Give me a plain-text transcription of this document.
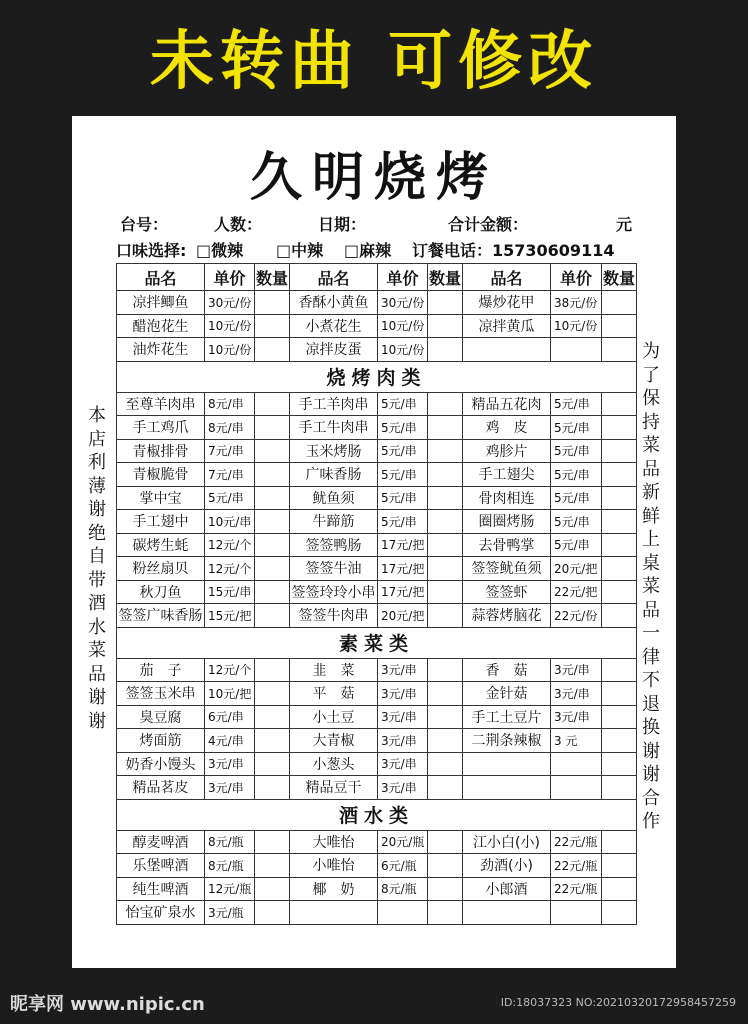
未转曲 可修改
久明烧烤
台号：	人数：	日期：	合计金额：	元
口味选择: □微辣 □中辣 □麻辣 订餐电话：15730609114
本店利薄谢绝自带酒水菜品谢谢
为了保持菜品新鲜上桌菜品一律不退换谢谢合作
品名	单价	数量	品名	单价	数量	品名	单价	数量
凉拌鲫鱼	30元/份		香酥小黄鱼	30元/份		爆炒花甲	38元/份	
醋泡花生	10元/份		小煮花生	10元/份		凉拌黄瓜	10元/份	
油炸花生	10元/份		凉拌皮蛋	10元/份				
烧烤肉类								
至尊羊肉串	8元/串		手工羊肉串	5元/串		精品五花肉	5元/串	
手工鸡爪	8元/串		手工牛肉串	5元/串		鸡　皮	5元/串	
青椒排骨	7元/串		玉米烤肠	5元/串		鸡胗片	5元/串	
青椒脆骨	7元/串		广味香肠	5元/串		手工翅尖	5元/串	
掌中宝	5元/串		鱿鱼须	5元/串		骨肉相连	5元/串	
手工翅中	10元/串		牛蹄筋	5元/串		圈圈烤肠	5元/串	
碳烤生蚝	12元/个		签签鸭肠	17元/把		去骨鸭掌	5元/串	
粉丝扇贝	12元/个		签签牛油	17元/把		签签鱿鱼须	20元/把	
秋刀鱼	15元/串		签签玲玲小串	17元/把		签签虾	22元/把	
签签广味香肠	15元/把		签签牛肉串	20元/把		蒜蓉烤脑花	22元/份	
素菜类								
茄　子	12元/个		韭　菜	3元/串		香　菇	3元/串	
签签玉米串	10元/把		平　菇	3元/串		金针菇	3元/串	
臭豆腐	6元/串		小土豆	3元/串		手工土豆片	3元/串	
烤面筋	4元/串		大青椒	3元/串		二荆条辣椒	3 元	
奶香小馒头	3元/串		小葱头	3元/串				
精品茗皮	3元/串		精品豆干	3元/串				
酒水类								
醇麦啤酒	8元/瓶		大唯怡	20元/瓶		江小白(小)	22元/瓶	
乐堡啤酒	8元/瓶		小唯怡	6元/瓶		劲酒(小)	22元/瓶	
纯生啤酒	12元/瓶		椰　奶	8元/瓶		小郎酒	22元/瓶	
怡宝矿泉水	3元/瓶							
昵享网 www.nipic.cn	ID:18037323 NO:20210320172958457259
